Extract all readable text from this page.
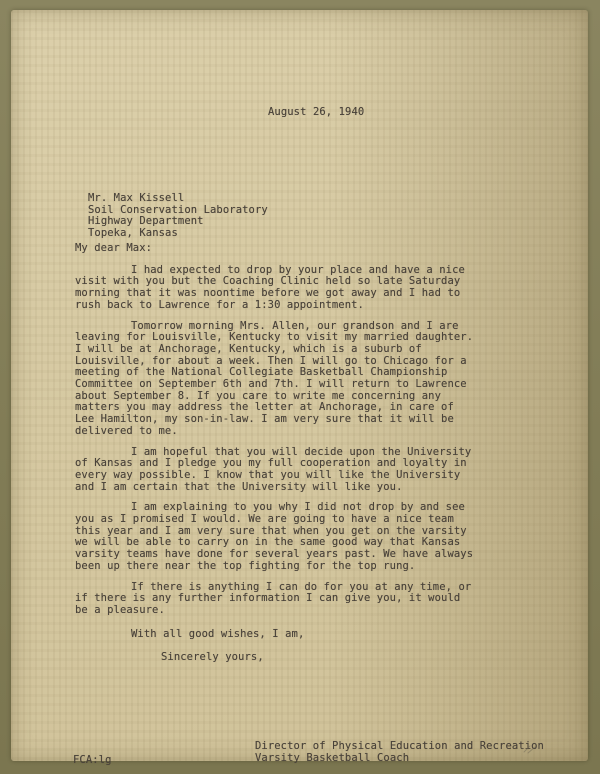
August 26, 1940
Mr. Max Kissell
Soil Conservation Laboratory
Highway Department
Topeka, Kansas
My dear Max:

I had expected to drop by your place and have a nice visit with you but the Coaching Clinic held so late Saturday morning that it was noontime before we got away and I had to rush back to Lawrence for a 1:30 appointment.

Tomorrow morning Mrs. Allen, our grandson and I are leaving for Louisville, Kentucky to visit my married daughter. I will be at Anchorage, Kentucky, which is a suburb of Louisville, for about a week. Then I will go to Chicago for a meeting of the National Collegiate Basketball Championship Committee on September 6th and 7th. I will return to Lawrence about September 8. If you care to write me concerning any matters you may address the letter at Anchorage, in care of Lee Hamilton, my son-in-law. I am very sure that it will be delivered to me.

I am hopeful that you will decide upon the University of Kansas and I pledge you my full cooperation and loyalty in every way possible. I know that you will like the University and I am certain that the University will like you.

I am explaining to you why I did not drop by and see you as I promised I would. We are going to have a nice team this year and I am very sure that when you get on the varsity we will be able to carry on in the same good way that Kansas varsity teams have done for several years past. We have always been up there near the top fighting for the top rung.

If there is anything I can do for you at any time, or if there is any further information I can give you, it would be a pleasure.

With all good wishes, I am,
Sincerely yours,
Director of Physical Education and Recreation
Varsity Basketball Coach
FCA:lg
